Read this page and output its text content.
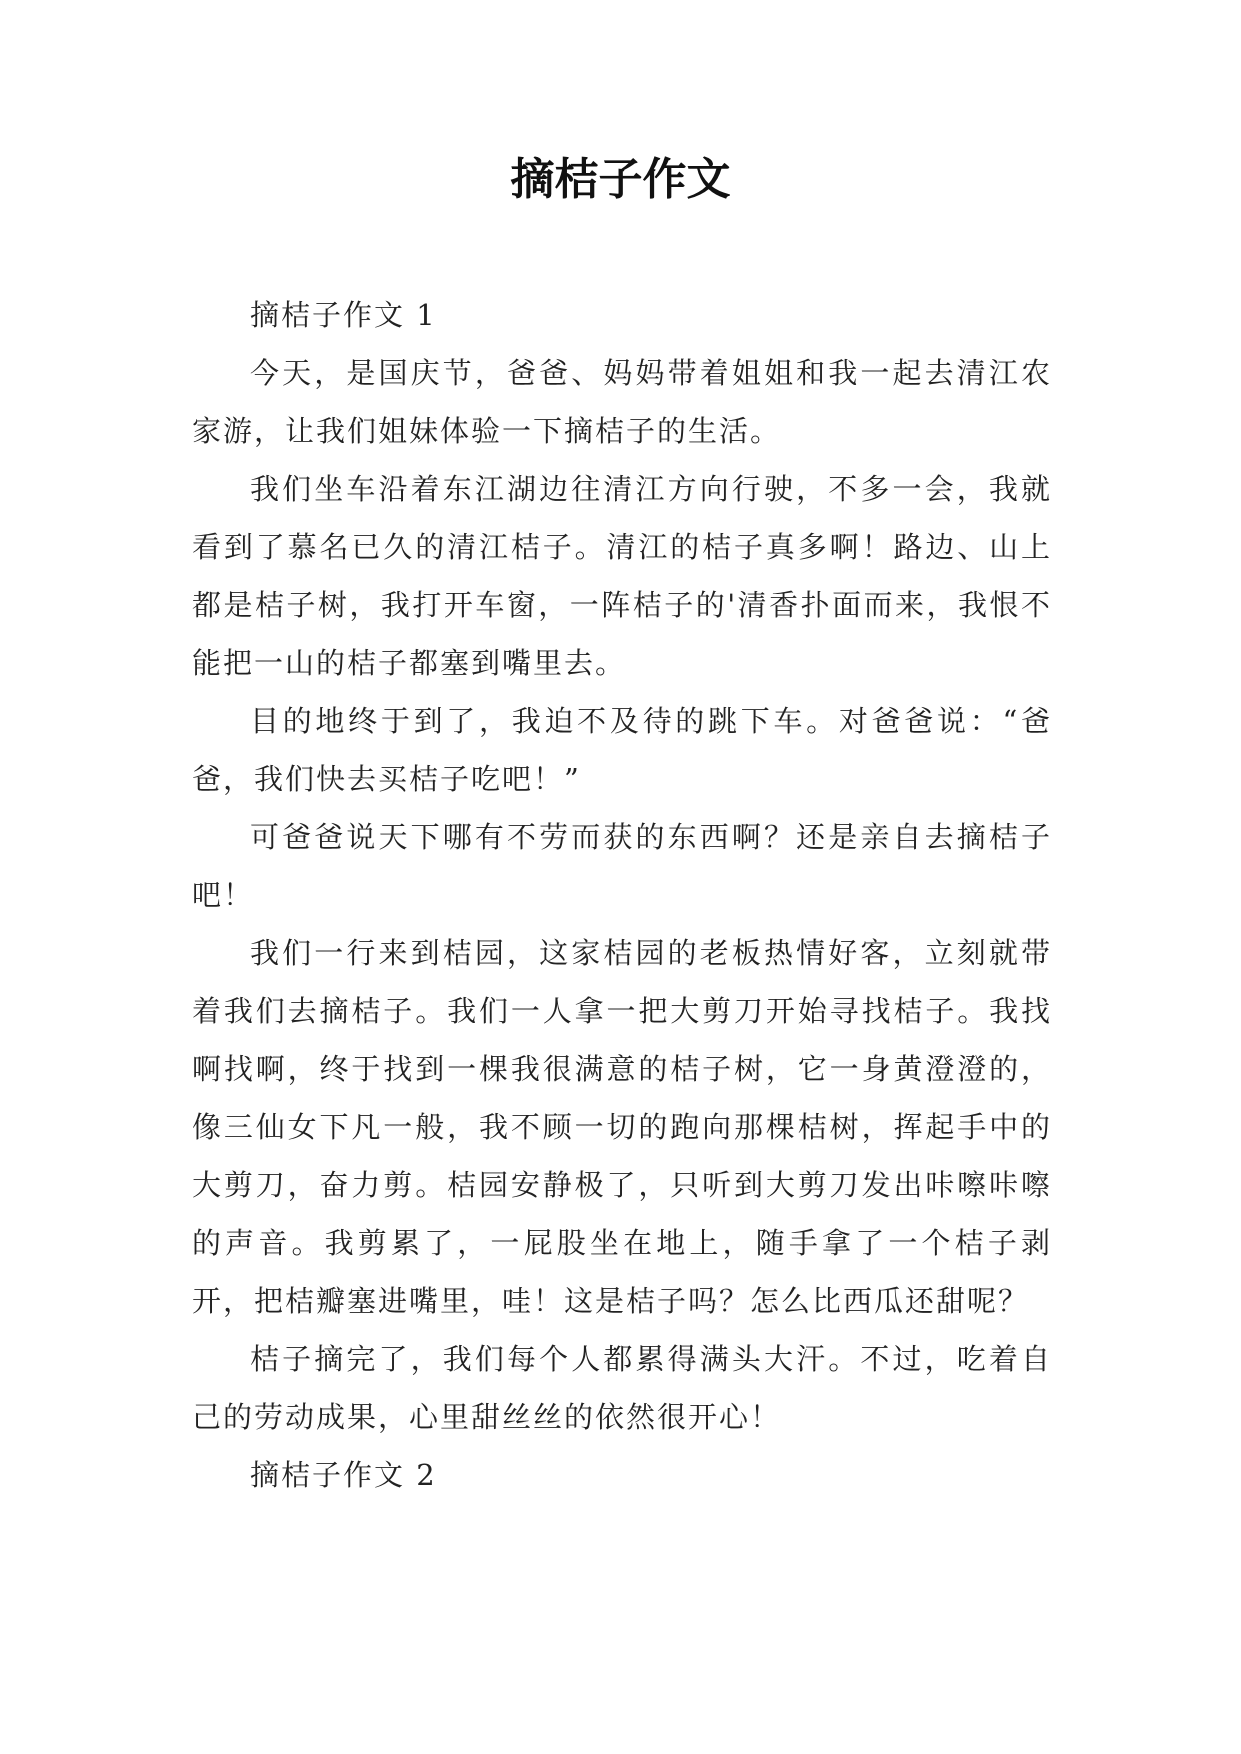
摘桔子作文

摘桔子作文 1

今天，是国庆节，爸爸、妈妈带着姐姐和我一起去清江农家游，让我们姐妹体验一下摘桔子的生活。

我们坐车沿着东江湖边往清江方向行驶，不多一会，我就看到了慕名已久的清江桔子。清江的桔子真多啊！路边、山上都是桔子树，我打开车窗，一阵桔子的'清香扑面而来，我恨不能把一山的桔子都塞到嘴里去。

目的地终于到了，我迫不及待的跳下车。对爸爸说：“爸爸，我们快去买桔子吃吧！”

可爸爸说天下哪有不劳而获的东西啊？还是亲自去摘桔子吧！

我们一行来到桔园，这家桔园的老板热情好客，立刻就带着我们去摘桔子。我们一人拿一把大剪刀开始寻找桔子。我找啊找啊，终于找到一棵我很满意的桔子树，它一身黄澄澄的，像三仙女下凡一般，我不顾一切的跑向那棵桔树，挥起手中的大剪刀，奋力剪。桔园安静极了，只听到大剪刀发出咔嚓咔嚓的声音。我剪累了，一屁股坐在地上，随手拿了一个桔子剥开，把桔瓣塞进嘴里，哇！这是桔子吗？怎么比西瓜还甜呢？

桔子摘完了，我们每个人都累得满头大汗。不过，吃着自己的劳动成果，心里甜丝丝的依然很开心！

摘桔子作文 2
